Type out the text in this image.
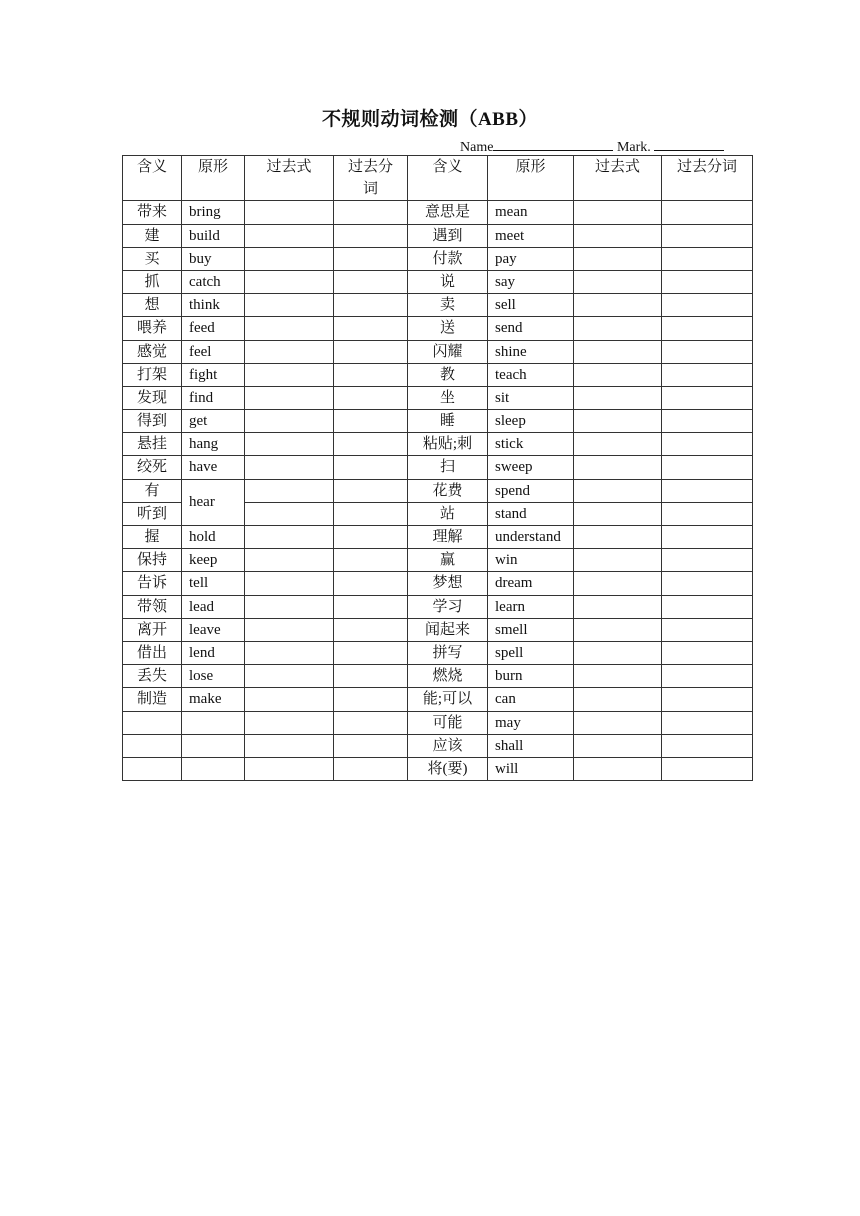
不规则动词检测（ABB）
Name	Mark.
含义	原形	过去式	过去分词	含义	原形	过去式	过去分词
带来	bring			意思是	mean		
建	build			遇到	meet		
买	buy			付款	pay		
抓	catch			说	say		
想	think			卖	sell		
喂养	feed			送	send		
感觉	feel			闪耀	shine		
打架	fight			教	teach		
发现	find			坐	sit		
得到	get			睡	sleep		
悬挂	hang			粘贴;刺	stick		
绞死	have			扫	sweep		
有	hear			花费	spend		
听到				站	stand		
握	hold			理解	understand		
保持	keep			赢	win		
告诉	tell			梦想	dream		
带领	lead			学习	learn		
离开	leave			闻起来	smell		
借出	lend			拼写	spell		
丢失	lose			燃烧	burn		
制造	make			能;可以	can		
				可能	may		
				应该	shall		
				将(要)	will		
